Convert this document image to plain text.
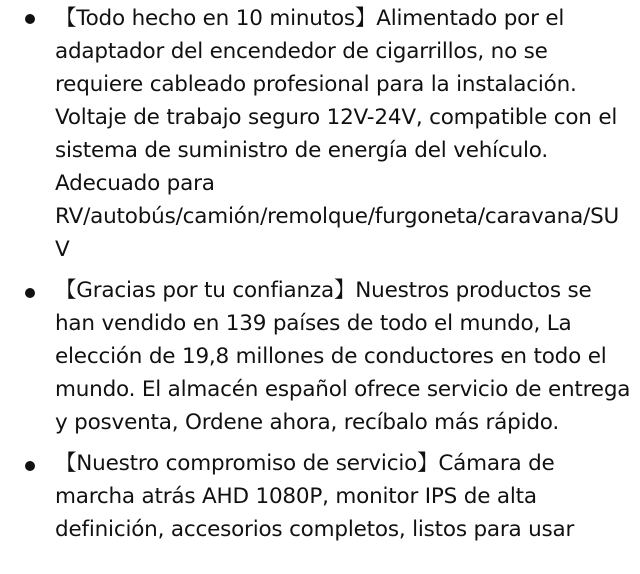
【Todo hecho en 10 minutos】Alimentado por el adaptador del encendedor de cigarrillos, no se requiere cableado profesional para la instalación. Voltaje de trabajo seguro 12V-24V, compatible con el sistema de suministro de energía del vehículo. Adecuado para RV/autobús/camión/remolque/furgoneta/caravana/SUV
【Gracias por tu confianza】Nuestros productos se han vendido en 139 países de todo el mundo, La elección de 19,8 millones de conductores en todo el mundo. El almacén español ofrece servicio de entrega y posventa, Ordene ahora, recíbalo más rápido.
【Nuestro compromiso de servicio】Cámara de marcha atrás AHD 1080P, monitor IPS de alta definición, accesorios completos, listos para usar
